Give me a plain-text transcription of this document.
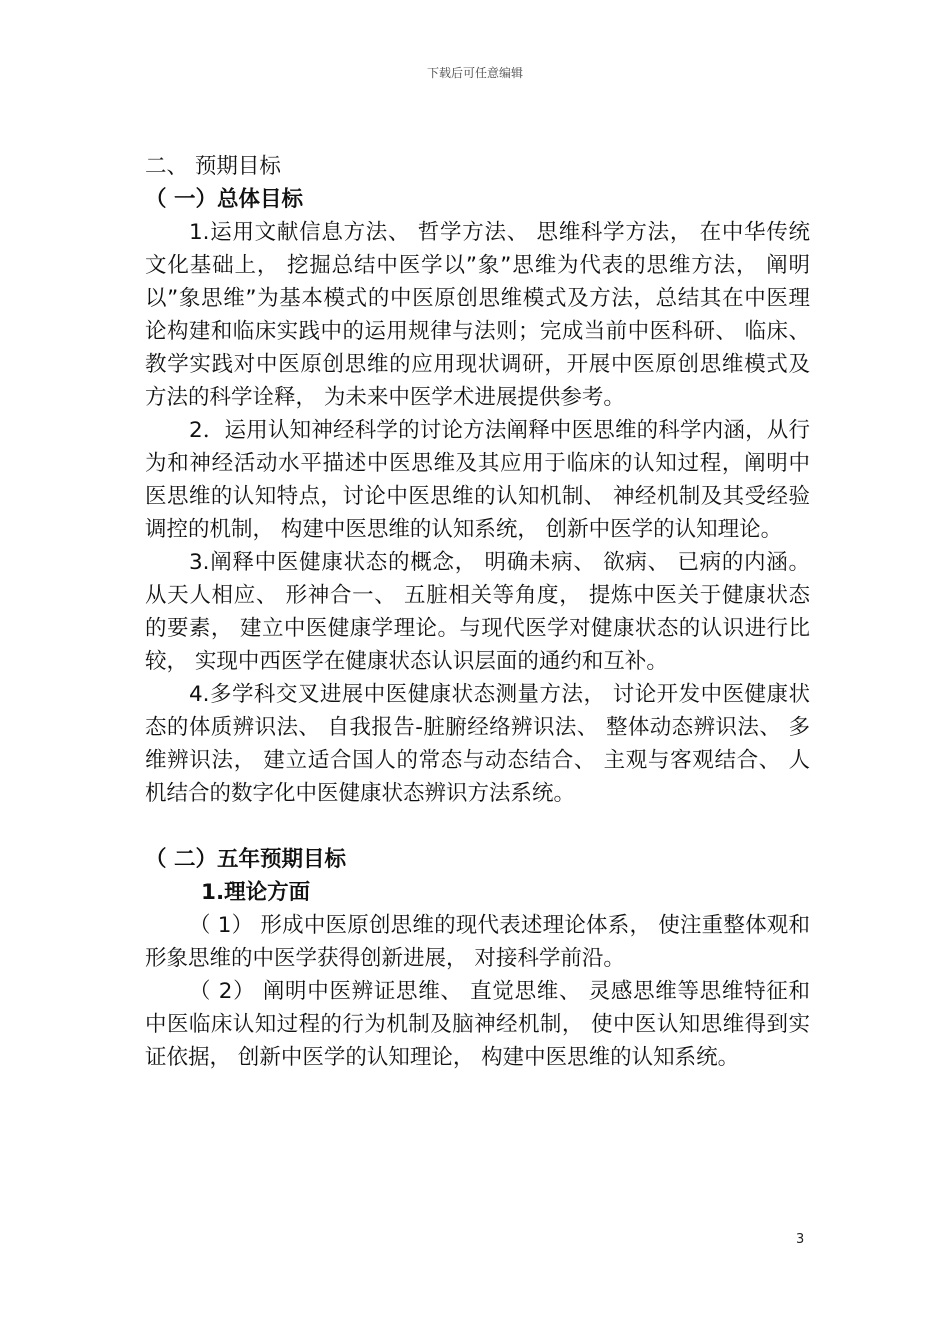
下载后可任意编辑

二、 预期目标

（ 一）总体目标

1.运用文献信息方法、 哲学方法、 思维科学方法， 在中华传统文化基础上， 挖掘总结中医学以”象”思维为代表的思维方法， 阐明以”象思维”为基本模式的中医原创思维模式及方法，总结其在中医理论构建和临床实践中的运用规律与法则；完成当前中医科研、 临床、 教学实践对中医原创思维的应用现状调研，开展中医原创思维模式及方法的科学诠释， 为未来中医学术进展提供参考。

2．运用认知神经科学的讨论方法阐释中医思维的科学内涵，从行为和神经活动水平描述中医思维及其应用于临床的认知过程，阐明中医思维的认知特点，讨论中医思维的认知机制、 神经机制及其受经验调控的机制， 构建中医思维的认知系统， 创新中医学的认知理论。

3.阐释中医健康状态的概念， 明确未病、 欲病、 已病的内涵。从天人相应、 形神合一、 五脏相关等角度， 提炼中医关于健康状态的要素， 建立中医健康学理论。与现代医学对健康状态的认识进行比较， 实现中西医学在健康状态认识层面的通约和互补。

4.多学科交叉进展中医健康状态测量方法， 讨论开发中医健康状态的体质辨识法、 自我报告-脏腑经络辨识法、 整体动态辨识法、 多维辨识法， 建立适合国人的常态与动态结合、 主观与客观结合、 人机结合的数字化中医健康状态辨识方法系统。

（ 二）五年预期目标

1.理论方面

（ 1） 形成中医原创思维的现代表述理论体系， 使注重整体观和形象思维的中医学获得创新进展， 对接科学前沿。

（ 2） 阐明中医辨证思维、 直觉思维、 灵感思维等思维特征和中医临床认知过程的行为机制及脑神经机制， 使中医认知思维得到实证依据， 创新中医学的认知理论， 构建中医思维的认知系统。

3
